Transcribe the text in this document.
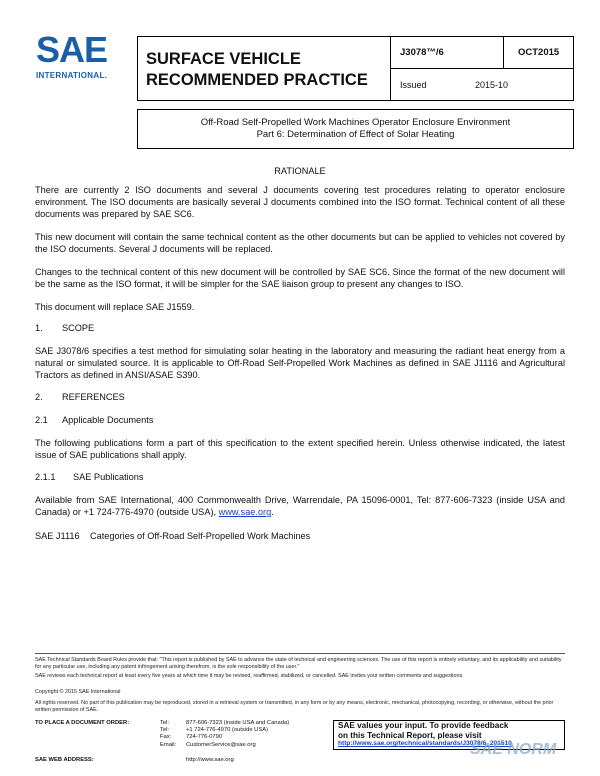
SAE
INTERNATIONAL.
SURFACE VEHICLE
RECOMMENDED PRACTICE
J3078™/6	OCT2015
Issued	2015-10
Off-Road Self-Propelled Work Machines Operator Enclosure Environment
Part 6: Determination of Effect of Solar Heating
RATIONALE
There are currently 2 ISO documents and several J documents covering test procedures relating to operator enclosure environment. The ISO documents are basically several J documents combined into the ISO format. Technical content of all these documents was prepared by SAE SC6.
This new document will contain the same technical content as the other documents but can be applied to vehicles not covered by the ISO documents. Several J documents will be replaced.
Changes to the technical content of this new document will be controlled by SAE SC6. Since the format of the new document will be the same as the ISO format, it will be simpler for the SAE liaison group to present any changes to ISO.
This document will replace SAE J1559.
1. SCOPE
SAE J3078/6 specifies a test method for simulating solar heating in the laboratory and measuring the radiant heat energy from a natural or simulated source. It is applicable to Off-Road Self-Propelled Work Machines as defined in SAE J1116 and Agricultural Tractors as defined in ANSI/ASAE S390.
2. REFERENCES
2.1 Applicable Documents
The following publications form a part of this specification to the extent specified herein. Unless otherwise indicated, the latest issue of SAE publications shall apply.
2.1.1 SAE Publications
Available from SAE International, 400 Commonwealth Drive, Warrendale, PA 15096-0001, Tel: 877-606-7323 (inside USA and Canada) or +1 724-776-4970 (outside USA), www.sae.org.
SAE J1116 Categories of Off-Road Self-Propelled Work Machines
SAE Technical Standards Board Rules provide that: "This report is published by SAE to advance the state of technical and engineering sciences. The use of this report is entirely voluntary, and its applicability and suitability for any particular use, including any patent infringement arising therefrom, is the sole responsibility of the user."
SAE reviews each technical report at least every five years at which time it may be revised, reaffirmed, stabilized, or cancelled. SAE invites your written comments and suggestions.
Copyright © 2015 SAE International
All rights reserved. No part of this publication may be reproduced, stored in a retrieval system or transmitted, in any form or by any means, electronic, mechanical, photocopying, recording, or otherwise, without the prior written permission of SAE.
TO PLACE A DOCUMENT ORDER:	Tel:	877-606-7323 (inside USA and Canada)
Tel:	+1 724-776-4970 (outside USA)
Fax:	724-776-0790
Email: CustomerService@sae.org
SAE WEB ADDRESS:	http://www.sae.org
SAE values your input. To provide feedback
on this Technical Report, please visit
http://www.sae.org/technical/standards/J3078/6_201510
SAE NORM
